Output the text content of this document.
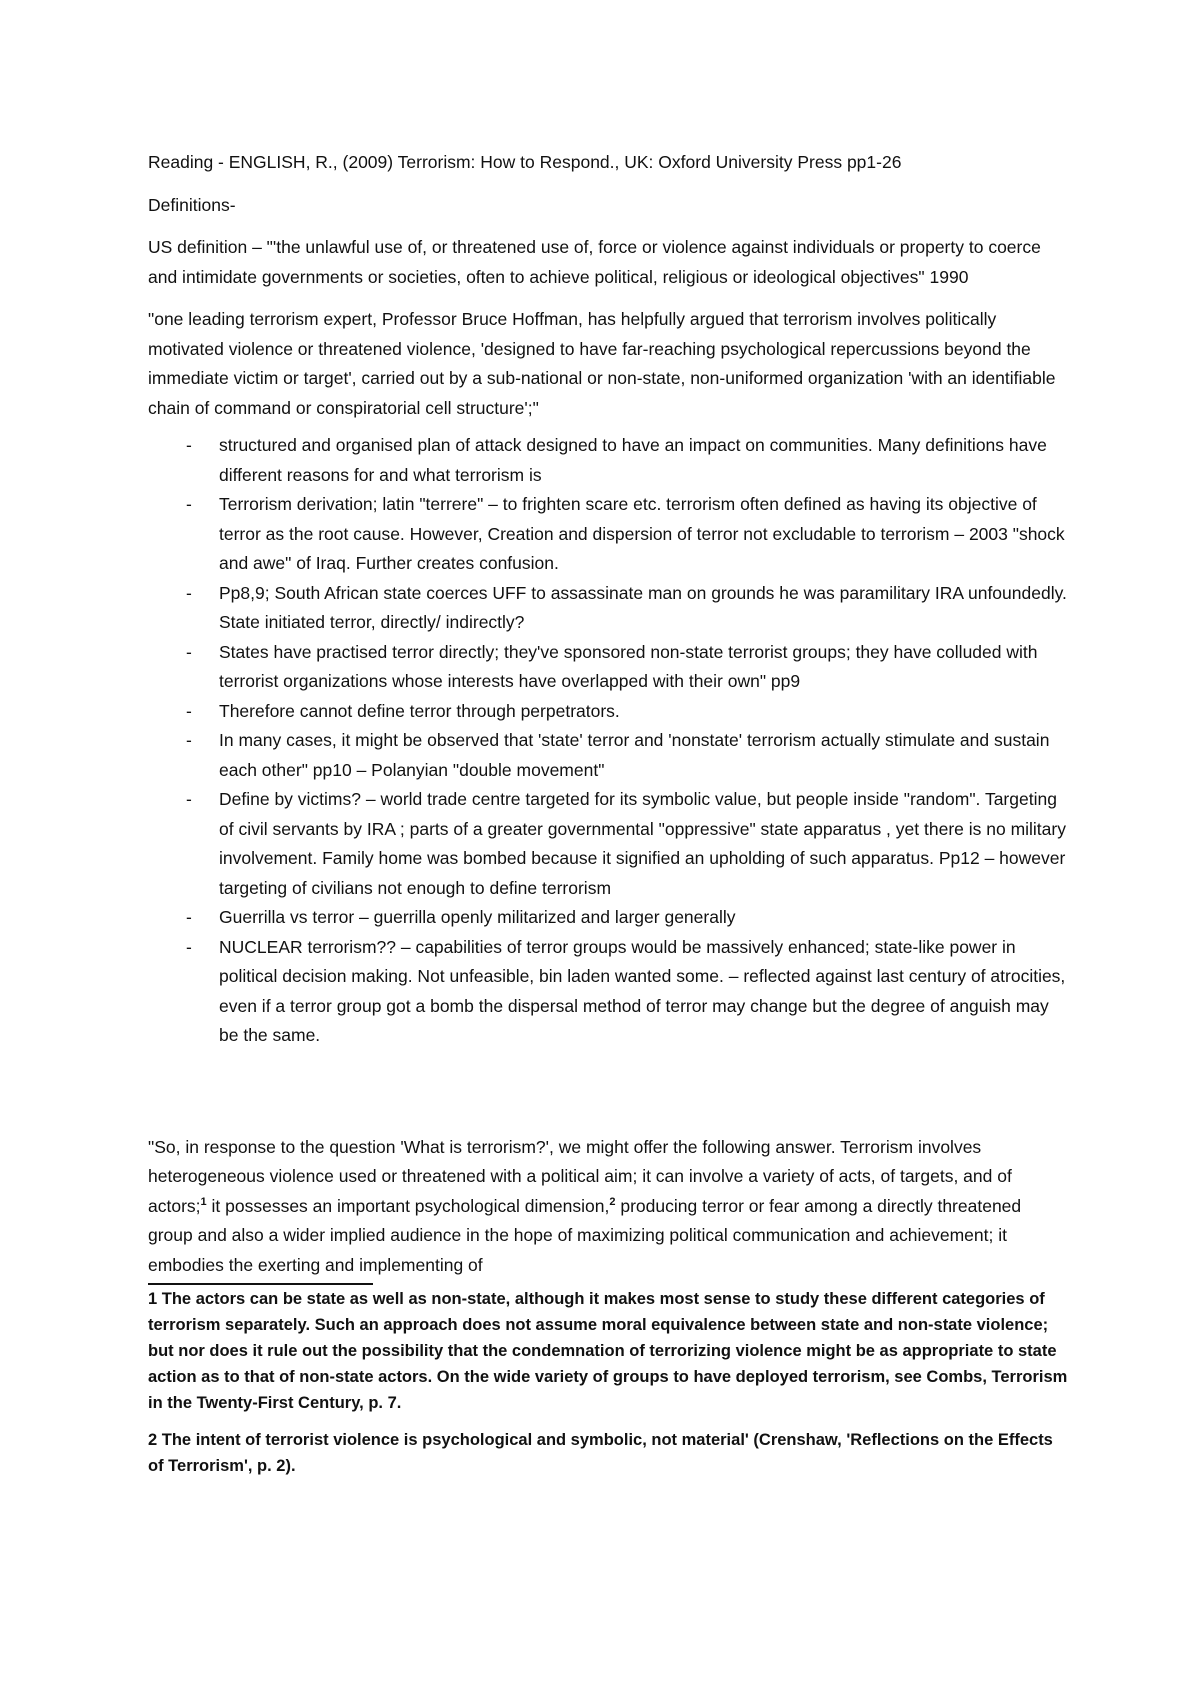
Reading - ENGLISH, R., (2009) Terrorism: How to Respond., UK: Oxford University Press pp1-26

Definitions-

US definition – "'the unlawful use of, or threatened use of, force or violence against individuals or property to coerce and intimidate governments or societies, often to achieve political, religious or ideological objectives" 1990

"one leading terrorism expert, Professor Bruce Hoffman, has helpfully argued that terrorism involves politically motivated violence or threatened violence, 'designed to have far-reaching psychological repercussions beyond the immediate victim or target', carried out by a sub-national or non-state, non-uniformed organization 'with an identifiable chain of command or conspiratorial cell structure';"

- structured and organised plan of attack designed to have an impact on communities. Many definitions have different reasons for and what terrorism is
- Terrorism derivation; latin "terrere" – to frighten scare etc. terrorism often defined as having its objective of terror as the root cause. However, Creation and dispersion of terror not excludable to terrorism – 2003 "shock and awe" of Iraq. Further creates confusion.
- Pp8,9; South African state coerces UFF to assassinate man on grounds he was paramilitary IRA unfoundedly. State initiated terror, directly/ indirectly?
- States have practised terror directly; they've sponsored non-state terrorist groups; they have colluded with terrorist organizations whose interests have overlapped with their own" pp9
- Therefore cannot define terror through perpetrators.
- In many cases, it might be observed that 'state' terror and 'nonstate' terrorism actually stimulate and sustain each other" pp10 – Polanyian "double movement"
- Define by victims? – world trade centre targeted for its symbolic value, but people inside "random". Targeting of civil servants by IRA ; parts of a greater governmental "oppressive" state apparatus , yet there is no military involvement. Family home was bombed because it signified an upholding of such apparatus. Pp12 – however targeting of civilians not enough to define terrorism
- Guerrilla vs terror – guerrilla openly militarized and larger generally
- NUCLEAR terrorism?? – capabilities of terror groups would be massively enhanced; state-like power in political decision making. Not unfeasible, bin laden wanted some. – reflected against last century of atrocities, even if a terror group got a bomb the dispersal method of terror may change but the degree of anguish may be the same.

"So, in response to the question 'What is terrorism?', we might offer the following answer. Terrorism involves heterogeneous violence used or threatened with a political aim; it can involve a variety of acts, of targets, and of actors;$^1$ it possesses an important psychological dimension,$^2$ producing terror or fear among a directly threatened group and also a wider implied audience in the hope of maximizing political communication and achievement; it embodies the exerting and implementing of

1 The actors can be state as well as non-state, although it makes most sense to study these different categories of terrorism separately. Such an approach does not assume moral equivalence between state and non-state violence; but nor does it rule out the possibility that the condemnation of terrorizing violence might be as appropriate to state action as to that of non-state actors. On the wide variety of groups to have deployed terrorism, see Combs, Terrorism in the Twenty-First Century, p. 7.

2 The intent of terrorist violence is psychological and symbolic, not material' (Crenshaw, 'Reflections on the Effects of Terrorism', p. 2).
